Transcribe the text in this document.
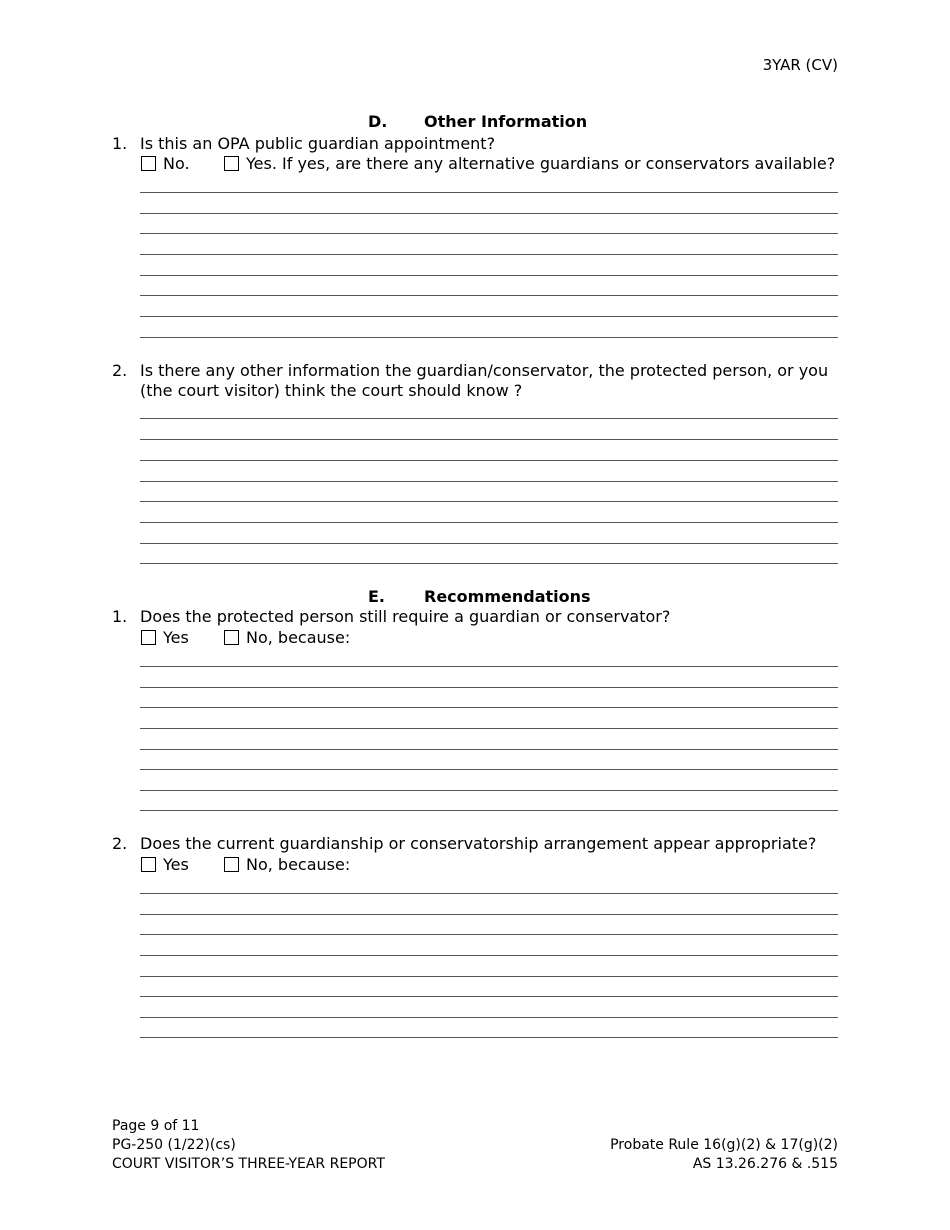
3YAR (CV)
D. Other Information
1. Is this an OPA public guardian appointment?
No.	Yes. If yes, are there any alternative guardians or conservators available?
2. Is there any other information the guardian/conservator, the protected person, or you (the court visitor) think the court should know ?
E. Recommendations
1. Does the protected person still require a guardian or conservator?
Yes	No, because:
2. Does the current guardianship or conservatorship arrangement appear appropriate?
Yes	No, because:
Page 9 of 11
PG-250 (1/22)(cs)
COURT VISITOR’S THREE-YEAR REPORT
Probate Rule 16(g)(2) & 17(g)(2)
AS 13.26.276 & .515
